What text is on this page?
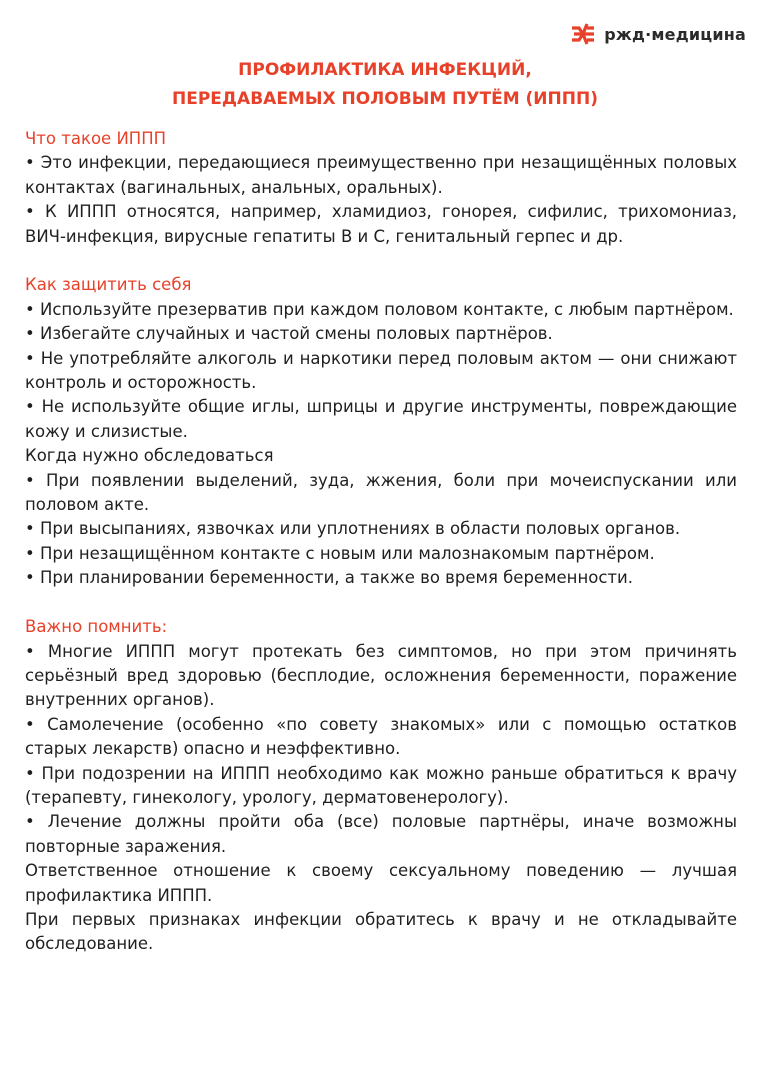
ржд·медицина
ПРОФИЛАКТИКА ИНФЕКЦИЙ,
ПЕРЕДАВАЕМЫХ ПОЛОВЫМ ПУТЁМ (ИППП)
Что такое ИППП
• Это инфекции, передающиеся преимущественно при незащищённых половых контактах (вагинальных, анальных, оральных).
• К ИППП относятся, например, хламидиоз, гонорея, сифилис, трихомониаз, ВИЧ-инфекция, вирусные гепатиты B и C, генитальный герпес и др.
Как защитить себя
• Используйте презерватив при каждом половом контакте, с любым партнёром.
• Избегайте случайных и частой смены половых партнёров.
• Не употребляйте алкоголь и наркотики перед половым актом — они снижают контроль и осторожность.
• Не используйте общие иглы, шприцы и другие инструменты, повреждающие кожу и слизистые.
Когда нужно обследоваться
• При появлении выделений, зуда, жжения, боли при мочеиспускании или половом акте.
• При высыпаниях, язвочках или уплотнениях в области половых органов.
• При незащищённом контакте с новым или малознакомым партнёром.
• При планировании беременности, а также во время беременности.
Важно помнить:
• Многие ИППП могут протекать без симптомов, но при этом причинять серьёзный вред здоровью (бесплодие, осложнения беременности, поражение внутренних органов).
• Самолечение (особенно «по совету знакомых» или с помощью остатков старых лекарств) опасно и неэффективно.
• При подозрении на ИППП необходимо как можно раньше обратиться к врачу (терапевту, гинекологу, урологу, дерматовенерологу).
• Лечение должны пройти оба (все) половые партнёры, иначе возможны повторные заражения.
Ответственное отношение к своему сексуальному поведению — лучшая профилактика ИППП.
При первых признаках инфекции обратитесь к врачу и не откладывайте обследование.
